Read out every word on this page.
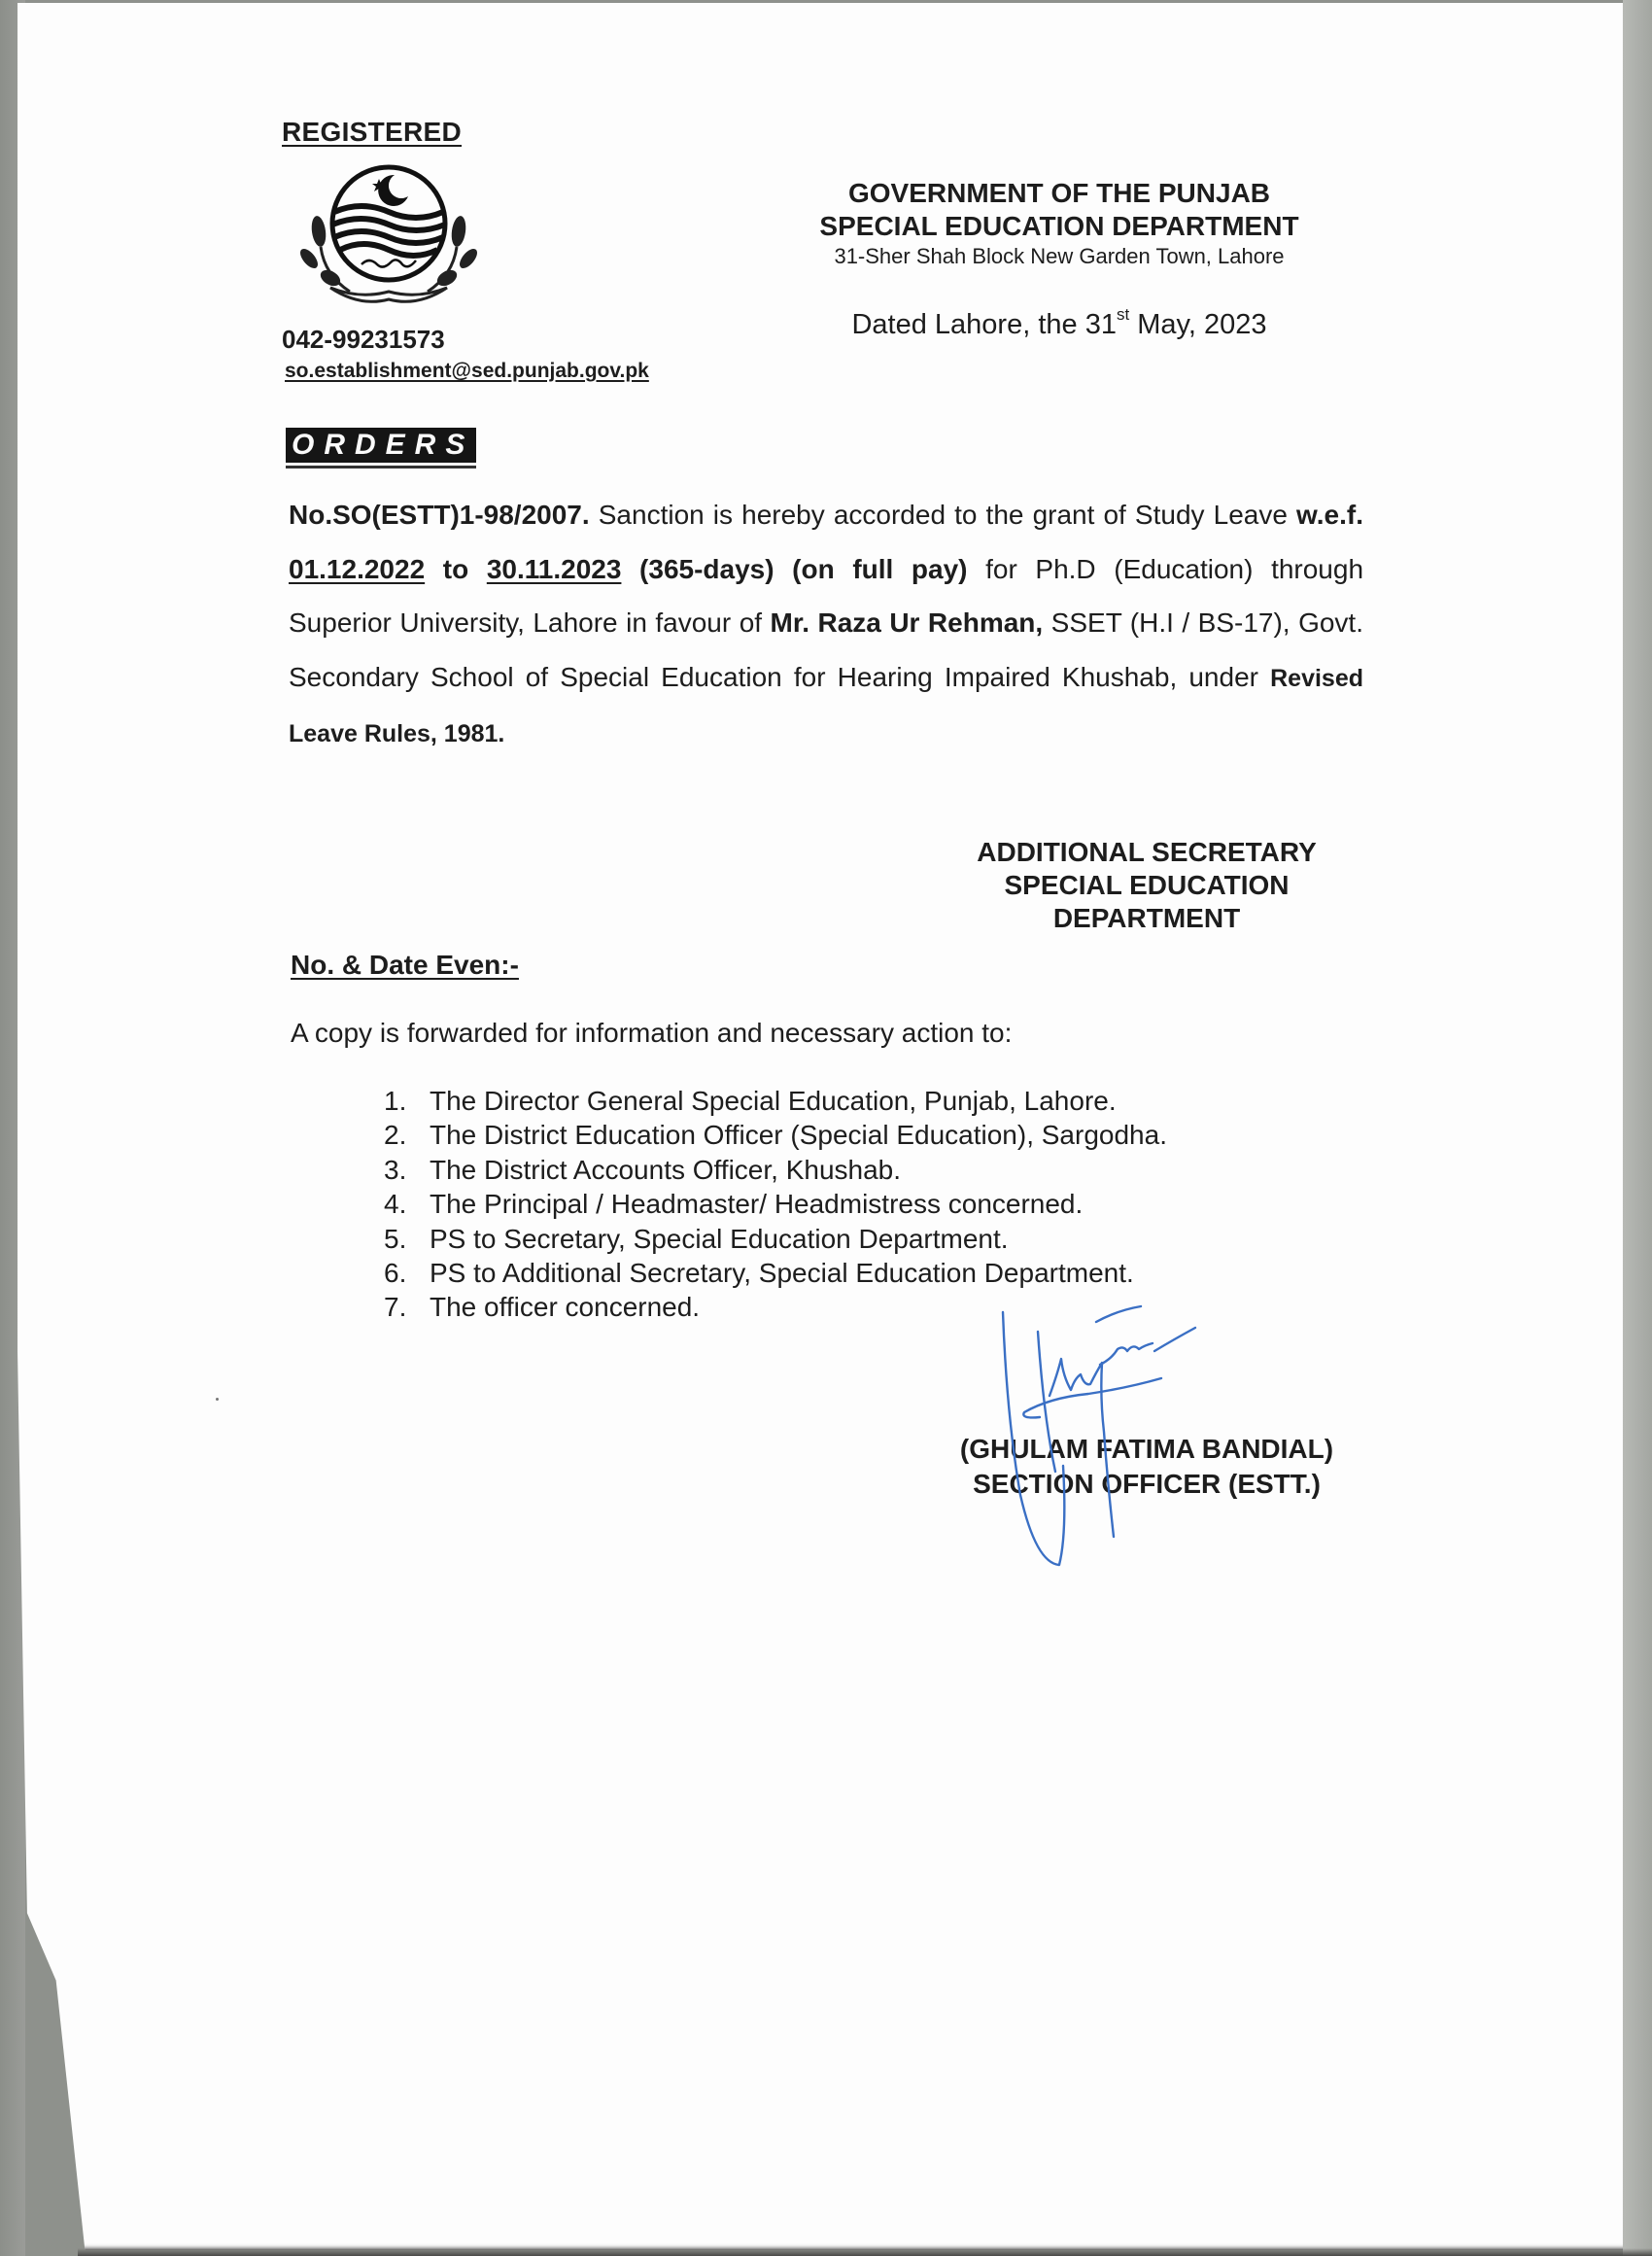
REGISTERED
042-99231573
so.establishment@sed.punjab.gov.pk
GOVERNMENT OF THE PUNJAB
SPECIAL EDUCATION DEPARTMENT
31-Sher Shah Block New Garden Town, Lahore
Dated Lahore, the 31st May, 2023
ORDERS
No.SO(ESTT)1-98/2007. Sanction is hereby accorded to the grant of Study Leave w.e.f. 01.12.2022 to 30.11.2023 (365-days) (on full pay) for Ph.D (Education) through Superior University, Lahore in favour of Mr. Raza Ur Rehman, SSET (H.I / BS-17), Govt. Secondary School of Special Education for Hearing Impaired Khushab, under Revised Leave Rules, 1981.
ADDITIONAL SECRETARY
SPECIAL EDUCATION
DEPARTMENT
No. & Date Even:-
A copy is forwarded for information and necessary action to:
1. The Director General Special Education, Punjab, Lahore.
2. The District Education Officer (Special Education), Sargodha.
3. The District Accounts Officer, Khushab.
4. The Principal / Headmaster/ Headmistress concerned.
5. PS to Secretary, Special Education Department.
6. PS to Additional Secretary, Special Education Department.
7. The officer concerned.
(GHULAM FATIMA BANDIAL)
SECTION OFFICER (ESTT.)
